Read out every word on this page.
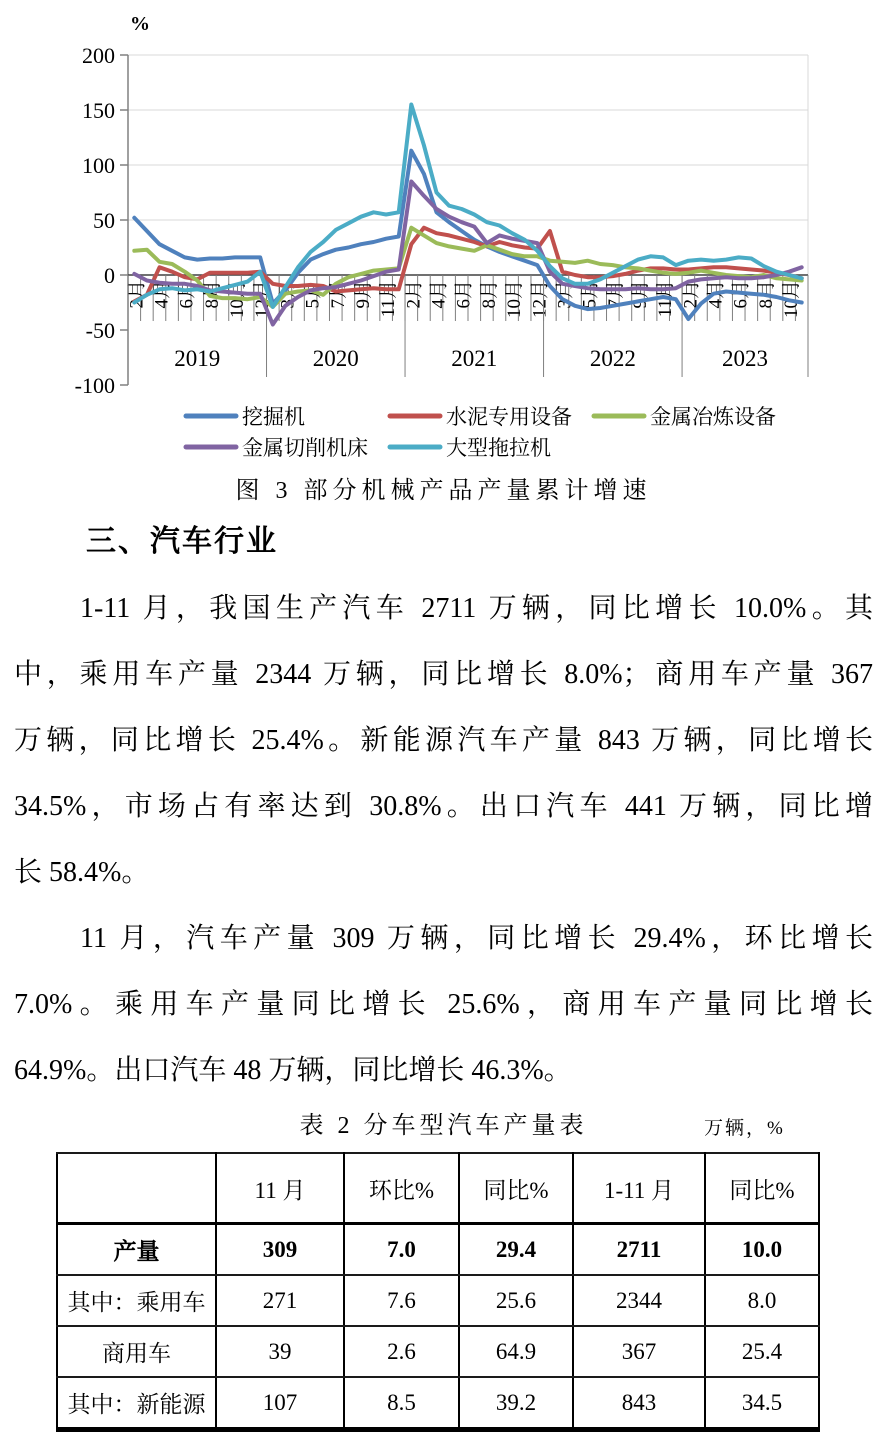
200
150
100
50
0
-50
-100
%
2月 4月 6月 8月 10月 12月 3月 5月 7月 9月 11月 2月 4月 6月 8月 10月 12月 3月 5月 7月 9月 11月 2月 4月 6月 8月 10月
2019	2020	2021	2022	2023
挖掘机	水泥专用设备	金属冶炼设备
金属切削机床	大型拖拉机
图 3 部分机械产品产量累计增速
三、汽车行业
1-11 月，我国生产汽车 2711 万辆，同比增长 10.0%。其
中，乘用车产量 2344 万辆，同比增长 8.0%；商用车产量 367
万辆，同比增长 25.4%。新能源汽车产量 843 万辆，同比增长
34.5%，市场占有率达到 30.8%。出口汽车 441 万辆，同比增
长 58.4%。
11 月，汽车产量 309 万辆，同比增长 29.4%，环比增长
7.0%。乘用车产量同比增长 25.6%，商用车产量同比增长
64.9%。出口汽车 48 万辆，同比增长 46.3%。
表 2 分车型汽车产量表	万辆，%
	11 月	环比%	同比%	1-11 月	同比%
产量	309	7.0	29.4	2711	10.0
其中：乘用车	271	7.6	25.6	2344	8.0
商用车	39	2.6	64.9	367	25.4
其中：新能源	107	8.5	39.2	843	34.5
